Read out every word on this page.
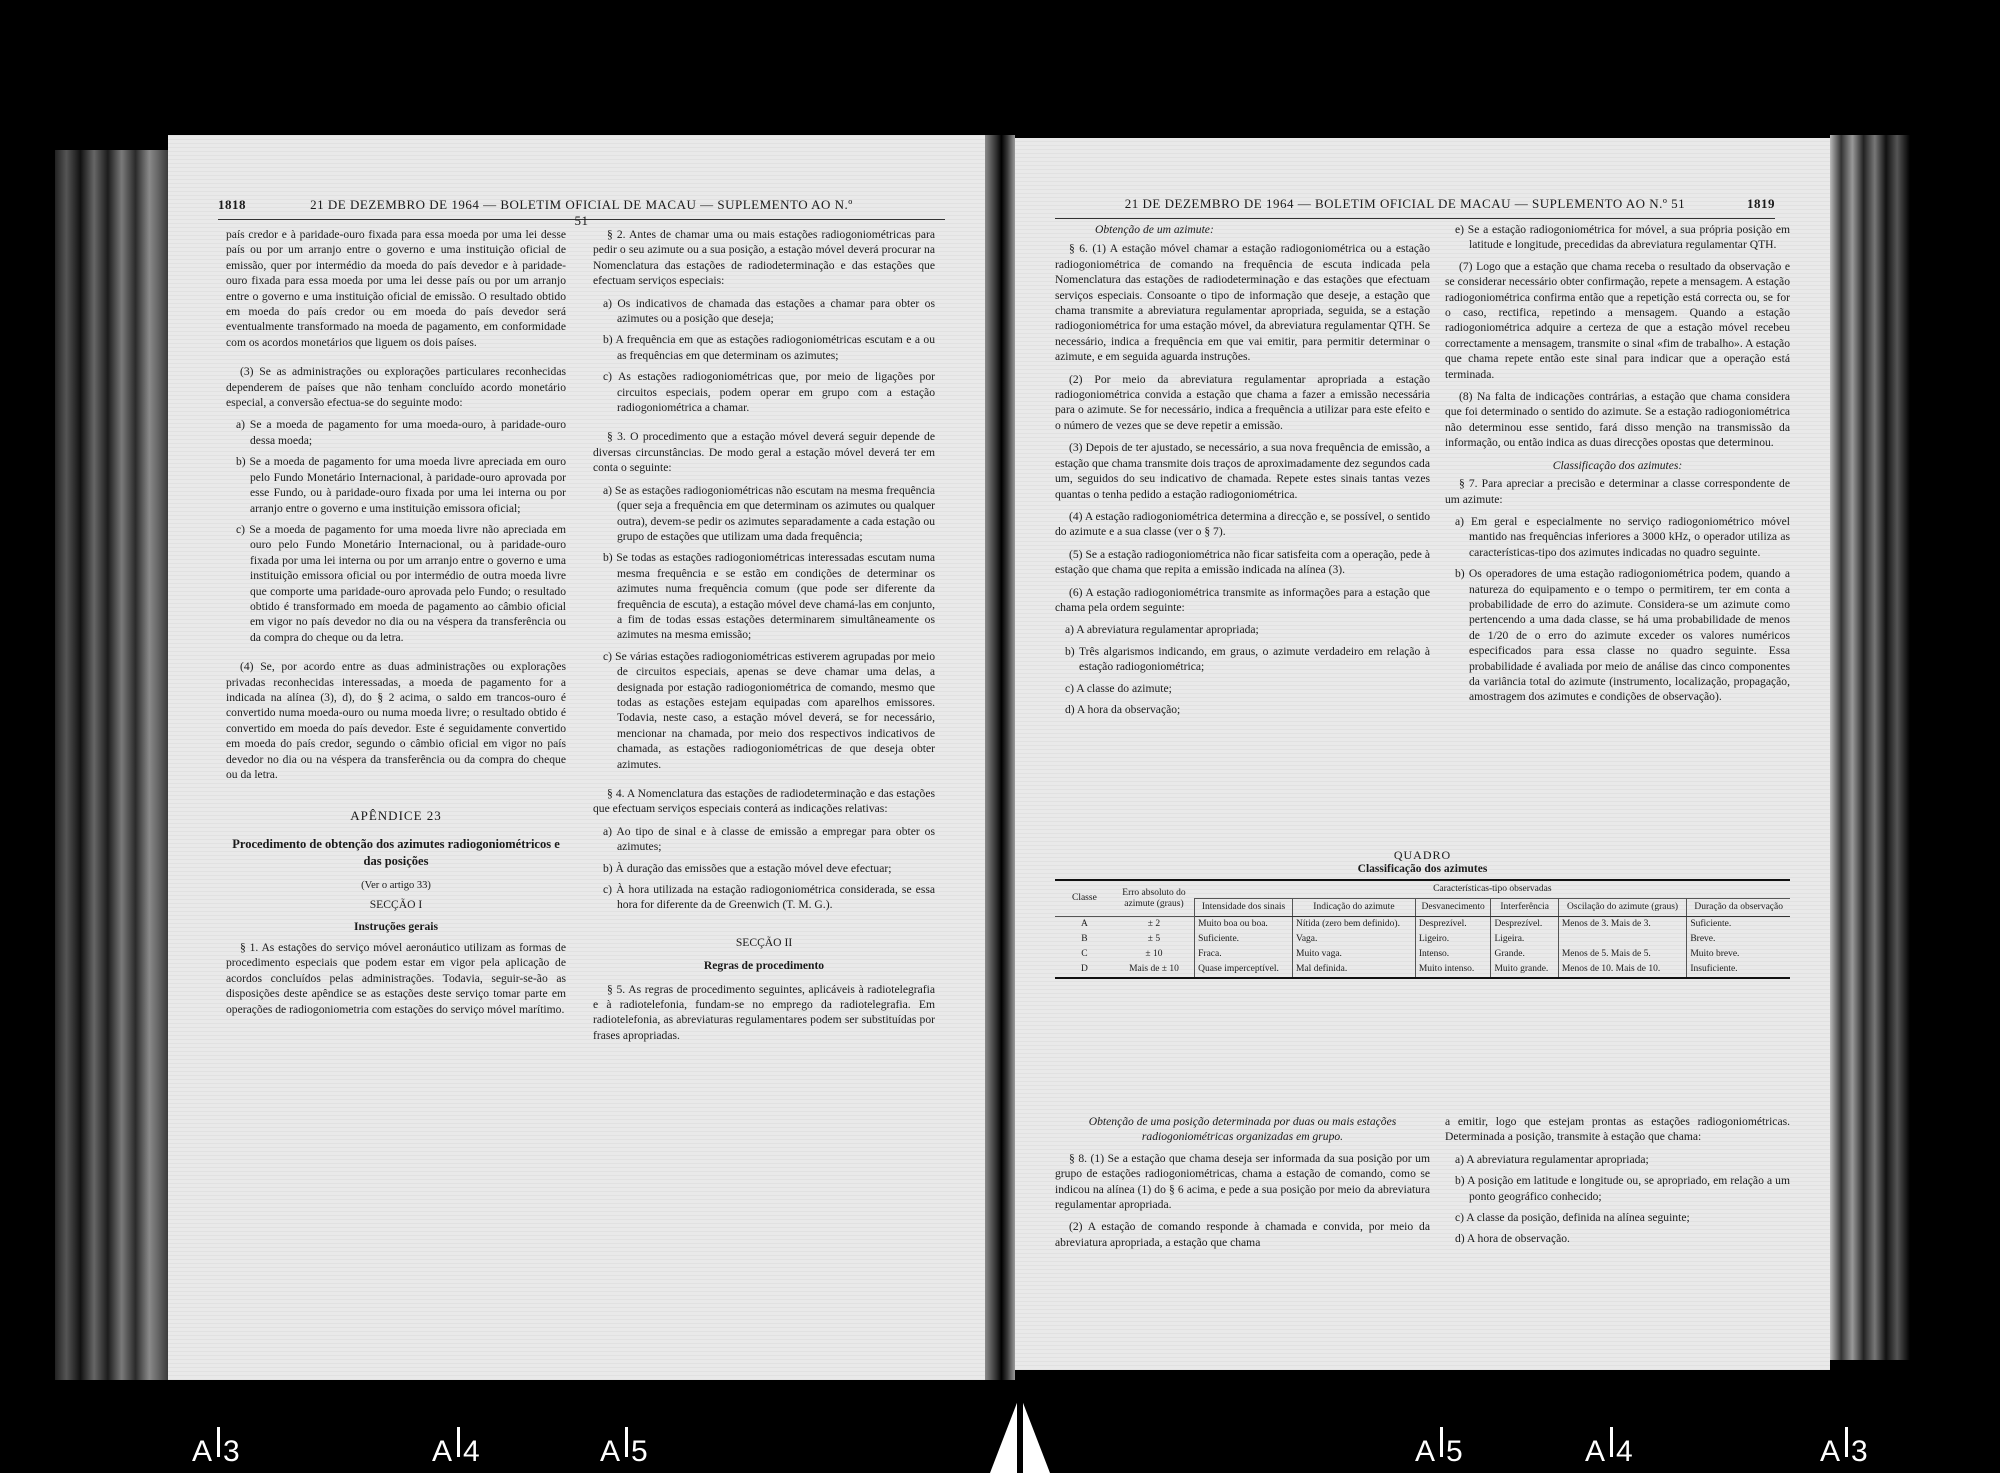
1818	21 DE DEZEMBRO DE 1964 — BOLETIM OFICIAL DE MACAU — SUPLEMENTO AO N.º 51

país credor e à paridade-ouro fixada para essa moeda por uma lei desse país ou por um arranjo entre o governo e uma instituição oficial de emissão, quer por intermédio da moeda do país devedor e à paridade-ouro fixada para essa moeda por uma lei desse país ou por um arranjo entre o governo e uma instituição oficial de emissão. O resultado obtido em moeda do país credor ou em moeda do país devedor será eventualmente transformado na moeda de pagamento, em conformidade com os acordos monetários que liguem os dois países.

(3) Se as administrações ou explorações particulares reconhecidas dependerem de países que não tenham concluído acordo monetário especial, a conversão efectua-se do seguinte modo:

a) Se a moeda de pagamento for uma moeda-ouro, à paridade-ouro dessa moeda;
b) Se a moeda de pagamento for uma moeda livre apreciada em ouro pelo Fundo Monetário Internacional, à paridade-ouro aprovada por esse Fundo, ou à paridade-ouro fixada por uma lei interna ou por arranjo entre o governo e uma instituição emissora oficial;
c) Se a moeda de pagamento for uma moeda livre não apreciada em ouro pelo Fundo Monetário Internacional, ou à paridade-ouro fixada por uma lei interna ou por um arranjo entre o governo e uma instituição emissora oficial ou por intermédio de outra moeda livre que comporte uma paridade-ouro aprovada pelo Fundo; o resultado obtido é transformado em moeda de pagamento ao câmbio oficial em vigor no país devedor no dia ou na véspera da transferência ou da compra do cheque ou da letra.

(4) Se, por acordo entre as duas administrações ou explorações privadas reconhecidas interessadas, a moeda de pagamento for a indicada na alínea (3), d), do § 2 acima, o saldo em trancos-ouro é convertido numa moeda-ouro ou numa moeda livre; o resultado obtido é convertido em moeda do país devedor. Este é seguidamente convertido em moeda do país credor, segundo o câmbio oficial em vigor no país devedor no dia ou na véspera da transferência ou da compra do cheque ou da letra.

APÊNDICE 23
Procedimento de obtenção dos azimutes radiogoniométricos e das posições
(Ver o artigo 33)
SECÇÃO I
Instruções gerais

§ 1. As estações do serviço móvel aeronáutico utilizam as formas de procedimento especiais que podem estar em vigor pela aplicação de acordos concluídos pelas administrações. Todavia, seguir-se-ão as disposições deste apêndice se as estações deste serviço tomar parte em operações de radiogoniometria com estações do serviço móvel marítimo.

§ 2. Antes de chamar uma ou mais estações radiogoniométricas para pedir o seu azimute ou a sua posição, a estação móvel deverá procurar na Nomenclatura das estações de radiodeterminação e das estações que efectuam serviços especiais:

a) Os indicativos de chamada das estações a chamar para obter os azimutes ou a posição que deseja;
b) A frequência em que as estações radiogoniométricas escutam e a ou as frequências em que determinam os azimutes;
c) As estações radiogoniométricas que, por meio de ligações por circuitos especiais, podem operar em grupo com a estação radiogoniométrica a chamar.

§ 3. O procedimento que a estação móvel deverá seguir depende de diversas circunstâncias. De modo geral a estação móvel deverá ter em conta o seguinte:

a) Se as estações radiogoniométricas não escutam na mesma frequência (quer seja a frequência em que determinam os azimutes ou qualquer outra), devem-se pedir os azimutes separadamente a cada estação ou grupo de estações que utilizam uma dada frequência;
b) Se todas as estações radiogoniométricas interessadas escutam numa mesma frequência e se estão em condições de determinar os azimutes numa frequência comum (que pode ser diferente da frequência de escuta), a estação móvel deve chamá-las em conjunto, a fim de todas essas estações determinarem simultâneamente os azimutes na mesma emissão;
c) Se várias estações radiogoniométricas estiverem agrupadas por meio de circuitos especiais, apenas se deve chamar uma delas, a designada por estação radiogoniométrica de comando, mesmo que todas as estações estejam equipadas com aparelhos emissores. Todavia, neste caso, a estação móvel deverá, se for necessário, mencionar na chamada, por meio dos respectivos indicativos de chamada, as estações radiogoniométricas de que deseja obter azimutes.

§ 4. A Nomenclatura das estações de radiodeterminação e das estações que efectuam serviços especiais conterá as indicações relativas:

a) Ao tipo de sinal e à classe de emissão a empregar para obter os azimutes;
b) À duração das emissões que a estação móvel deve efectuar;
c) À hora utilizada na estação radiogoniométrica considerada, se essa hora for diferente da de Greenwich (T. M. G.).
SECÇÃO II
Regras de procedimento

§ 5. As regras de procedimento seguintes, aplicáveis à radiotelegrafia e à radiotelefonia, fundam-se no emprego da radiotelegrafia. Em radiotelefonia, as abreviaturas regulamentares podem ser substituídas por frases apropriadas.

21 DE DEZEMBRO DE 1964 — BOLETIM OFICIAL DE MACAU — SUPLEMENTO AO N.º 51	1819
Obtenção de um azimute:

§ 6. (1) A estação móvel chamar a estação radiogoniométrica ou a estação radiogoniométrica de comando na frequência de escuta indicada pela Nomenclatura das estações de radiodeterminação e das estações que efectuam serviços especiais. Consoante o tipo de informação que deseje, a estação que chama transmite a abreviatura regulamentar apropriada, seguida, se a estação radiogoniométrica for uma estação móvel, da abreviatura regulamentar QTH. Se necessário, indica a frequência em que vai emitir, para permitir determinar o azimute, e em seguida aguarda instruções.

(2) Por meio da abreviatura regulamentar apropriada a estação radiogoniométrica convida a estação que chama a fazer a emissão necessária para o azimute. Se for necessário, indica a frequência a utilizar para este efeito e o número de vezes que se deve repetir a emissão.

(3) Depois de ter ajustado, se necessário, a sua nova frequência de emissão, a estação que chama transmite dois traços de aproximadamente dez segundos cada um, seguidos do seu indicativo de chamada. Repete estes sinais tantas vezes quantas o tenha pedido a estação radiogoniométrica.

(4) A estação radiogoniométrica determina a direcção e, se possível, o sentido do azimute e a sua classe (ver o § 7).

(5) Se a estação radiogoniométrica não ficar satisfeita com a operação, pede à estação que chama que repita a emissão indicada na alínea (3).

(6) A estação radiogoniométrica transmite as informações para a estação que chama pela ordem seguinte:

a) A abreviatura regulamentar apropriada;
b) Três algarismos indicando, em graus, o azimute verdadeiro em relação à estação radiogoniométrica;
c) A classe do azimute;
d) A hora da observação;
e) Se a estação radiogoniométrica for móvel, a sua própria posição em latitude e longitude, precedidas da abreviatura regulamentar QTH.

(7) Logo que a estação que chama receba o resultado da observação e se considerar necessário obter confirmação, repete a mensagem. A estação radiogoniométrica confirma então que a repetição está correcta ou, se for o caso, rectifica, repetindo a mensagem. Quando a estação radiogoniométrica adquire a certeza de que a estação móvel recebeu correctamente a mensagem, transmite o sinal «fim de trabalho». A estação que chama repete então este sinal para indicar que a operação está terminada.

(8) Na falta de indicações contrárias, a estação que chama considera que foi determinado o sentido do azimute. Se a estação radiogoniométrica não determinou esse sentido, fará disso menção na transmissão da informação, ou então indica as duas direcções opostas que determinou.

Classificação dos azimutes:

§ 7. Para apreciar a precisão e determinar a classe correspondente de um azimute:

a) Em geral e especialmente no serviço radiogoniométrico móvel mantido nas frequências inferiores a 3000 kHz, o operador utiliza as características-tipo dos azimutes indicadas no quadro seguinte.
b) Os operadores de uma estação radiogoniométrica podem, quando a natureza do equipamento e o tempo o permitirem, ter em conta a probabilidade de erro do azimute. Considera-se um azimute como pertencendo a uma dada classe, se há uma probabilidade de menos de 1/20 de o erro do azimute exceder os valores numéricos especificados para essa classe no quadro seguinte. Essa probabilidade é avaliada por meio de análise das cinco componentes da variância total do azimute (instrumento, localização, propagação, amostragem dos azimutes e condições de observação).
QUADRO
Classificação dos azimutes
Classe	Erro absoluto do azimute (graus)	Características-tipo observadas					
		Intensidade dos sinais	Indicação do azimute	Desvanecimento	Interferência	Oscilação do azimute (graus)	Duração da observação
A	± 2	Muito boa ou boa.	Nítida (zero bem definido).	Desprezível.	Desprezível.	Menos de 3. Mais de 3.	Suficiente.
B	± 5	Suficiente.	Vaga.	Ligeiro.	Ligeira.		Breve.
C	± 10	Fraca.	Muito vaga.	Intenso.	Grande.	Menos de 5. Mais de 5.	Muito breve.
D	Mais de ± 10	Quase imperceptível.	Mal definida.	Muito intenso.	Muito grande.	Menos de 10. Mais de 10.	Insuficiente.
Obtenção de uma posição determinada por duas ou mais estações radiogoniométricas organizadas em grupo.

§ 8. (1) Se a estação que chama deseja ser informada da sua posição por um grupo de estações radiogoniométricas, chama a estação de comando, como se indicou na alínea (1) do § 6 acima, e pede a sua posição por meio da abreviatura regulamentar apropriada.

(2) A estação de comando responde à chamada e convida, por meio da abreviatura apropriada, a estação que chama

a emitir, logo que estejam prontas as estações radiogoniométricas. Determinada a posição, transmite à estação que chama:

a) A abreviatura regulamentar apropriada;
b) A posição em latitude e longitude ou, se apropriado, em relação a um ponto geográfico conhecido;
c) A classe da posição, definida na alínea seguinte;
d) A hora de observação.
A 3	A 4	A 5	A 5	A 4	A 3
